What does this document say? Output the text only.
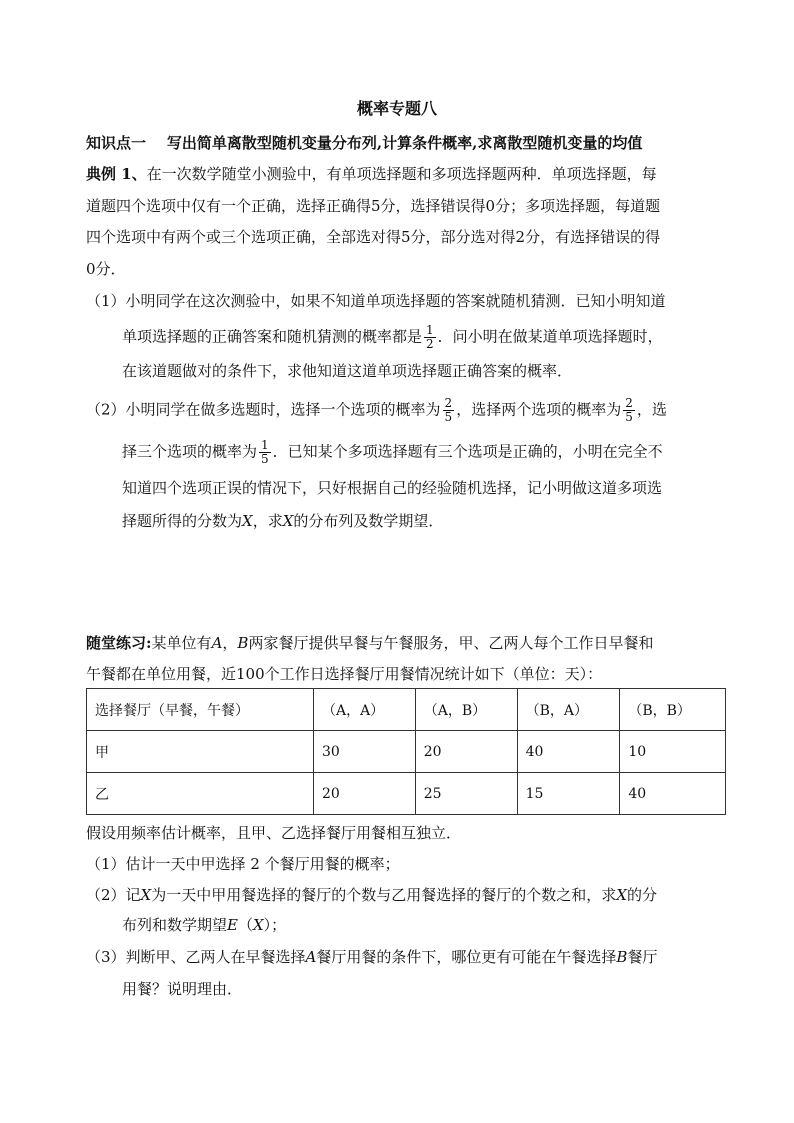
概率专题八
知识点一 写出简单离散型随机变量分布列,计算条件概率,求离散型随机变量的均值
典例 1、在一次数学随堂小测验中，有单项选择题和多项选择题两种．单项选择题，每
道题四个选项中仅有一个正确，选择正确得5分，选择错误得0分；多项选择题，每道题
四个选项中有两个或三个选项正确，全部选对得5分，部分选对得2分，有选择错误的得
0分．
（1）小明同学在这次测验中，如果不知道单项选择题的答案就随机猜测．已知小明知道
单项选择题的正确答案和随机猜测的概率都是 $\frac{1}{2}$ ．问小明在做某道单项选择题时，
在该道题做对的条件下，求他知道这道单项选择题正确答案的概率．
（2）小明同学在做多选题时，选择一个选项的概率为 $\frac{2}{5}$ ，选择两个选项的概率为 $\frac{2}{5}$ ，选
择三个选项的概率为 $\frac{1}{5}$ ．已知某个多项选择题有三个选项是正确的，小明在完全不
知道四个选项正误的情况下，只好根据自己的经验随机选择，记小明做这道多项选
择题所得的分数为X，求X的分布列及数学期望．
随堂练习:某单位有A，B两家餐厅提供早餐与午餐服务，甲、乙两人每个工作日早餐和
午餐都在单位用餐，近100个工作日选择餐厅用餐情况统计如下（单位：天）：
选择餐厅（早餐，午餐）	（A，A）	（A，B）	（B，A）	（B，B）
甲	30	20	40	10
乙	20	25	15	40
假设用频率估计概率，且甲、乙选择餐厅用餐相互独立．
（1）估计一天中甲选择 2 个餐厅用餐的概率；
（2）记X为一天中甲用餐选择的餐厅的个数与乙用餐选择的餐厅的个数之和，求X的分
布列和数学期望E（X）；
（3）判断甲、乙两人在早餐选择A餐厅用餐的条件下，哪位更有可能在午餐选择B餐厅
用餐？说明理由．
